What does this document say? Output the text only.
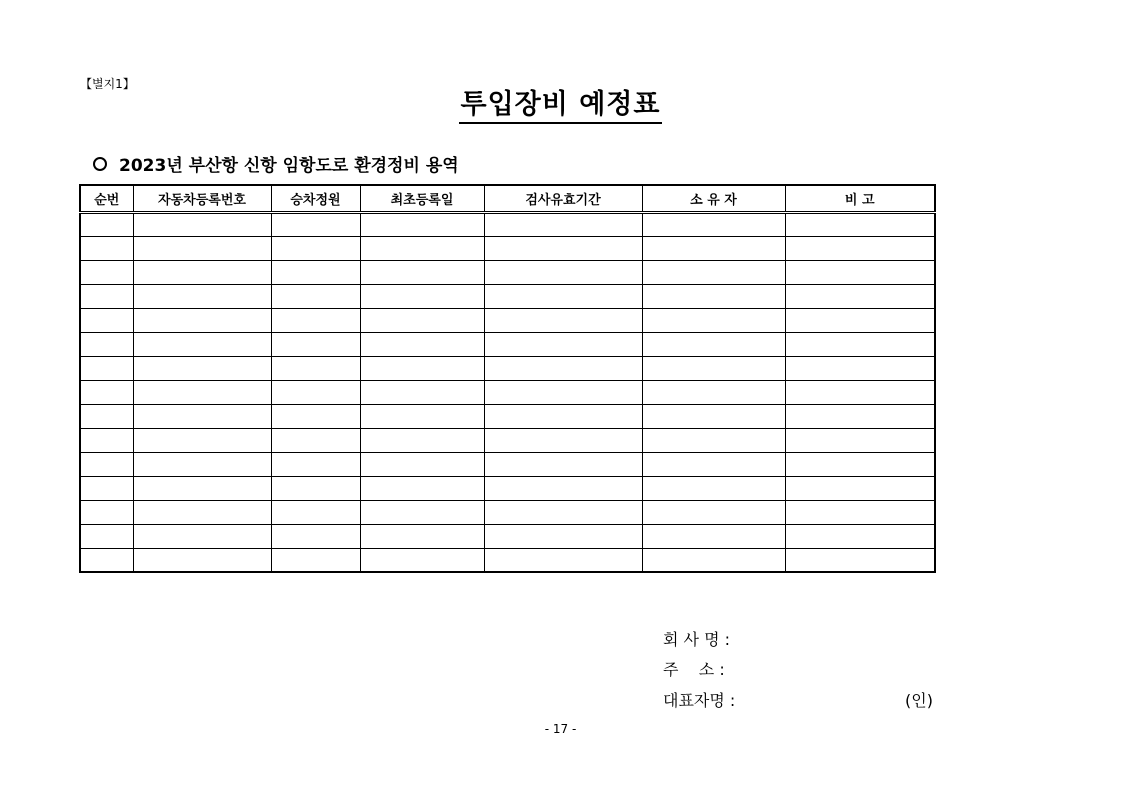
【별지1】
투입장비 예정표
2023년 부산항 신항 임항도로 환경정비 용역
순번	자동차등록번호	승차정원	최초등록일	검사유효기간	소 유 자	비 고

회 사 명 :
주    소 :
대표자명 :	(인)
- 17 -
